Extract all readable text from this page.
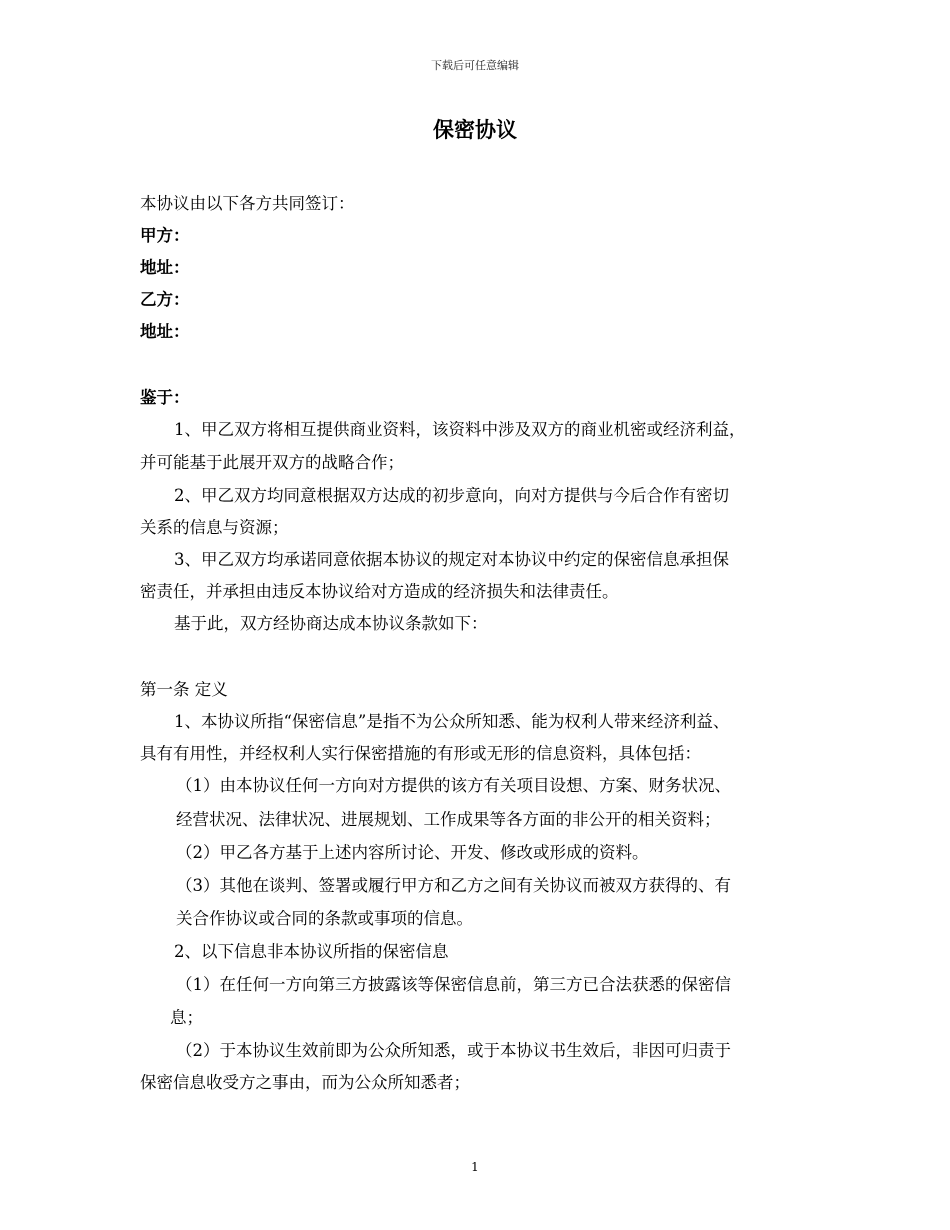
下载后可任意编辑
保密协议
本协议由以下各方共同签订：
甲方：
地址：
乙方：
地址：
鉴于：
1、甲乙双方将相互提供商业资料，该资料中涉及双方的商业机密或经济利益，
并可能基于此展开双方的战略合作；
2、甲乙双方均同意根据双方达成的初步意向，向对方提供与今后合作有密切
关系的信息与资源；
3、甲乙双方均承诺同意依据本协议的规定对本协议中约定的保密信息承担保
密责任，并承担由违反本协议给对方造成的经济损失和法律责任。
基于此，双方经协商达成本协议条款如下：
第一条 定义
1、本协议所指“保密信息”是指不为公众所知悉、能为权利人带来经济利益、
具有有用性，并经权利人实行保密措施的有形或无形的信息资料，具体包括：
（1）由本协议任何一方向对方提供的该方有关项目设想、方案、财务状况、
经营状况、法律状况、进展规划、工作成果等各方面的非公开的相关资料；
（2）甲乙各方基于上述内容所讨论、开发、修改或形成的资料。
（3）其他在谈判、签署或履行甲方和乙方之间有关协议而被双方获得的、有
关合作协议或合同的条款或事项的信息。
2、以下信息非本协议所指的保密信息
（1）在任何一方向第三方披露该等保密信息前，第三方已合法获悉的保密信
息；
（2）于本协议生效前即为公众所知悉，或于本协议书生效后，非因可归责于
保密信息收受方之事由，而为公众所知悉者；
1
